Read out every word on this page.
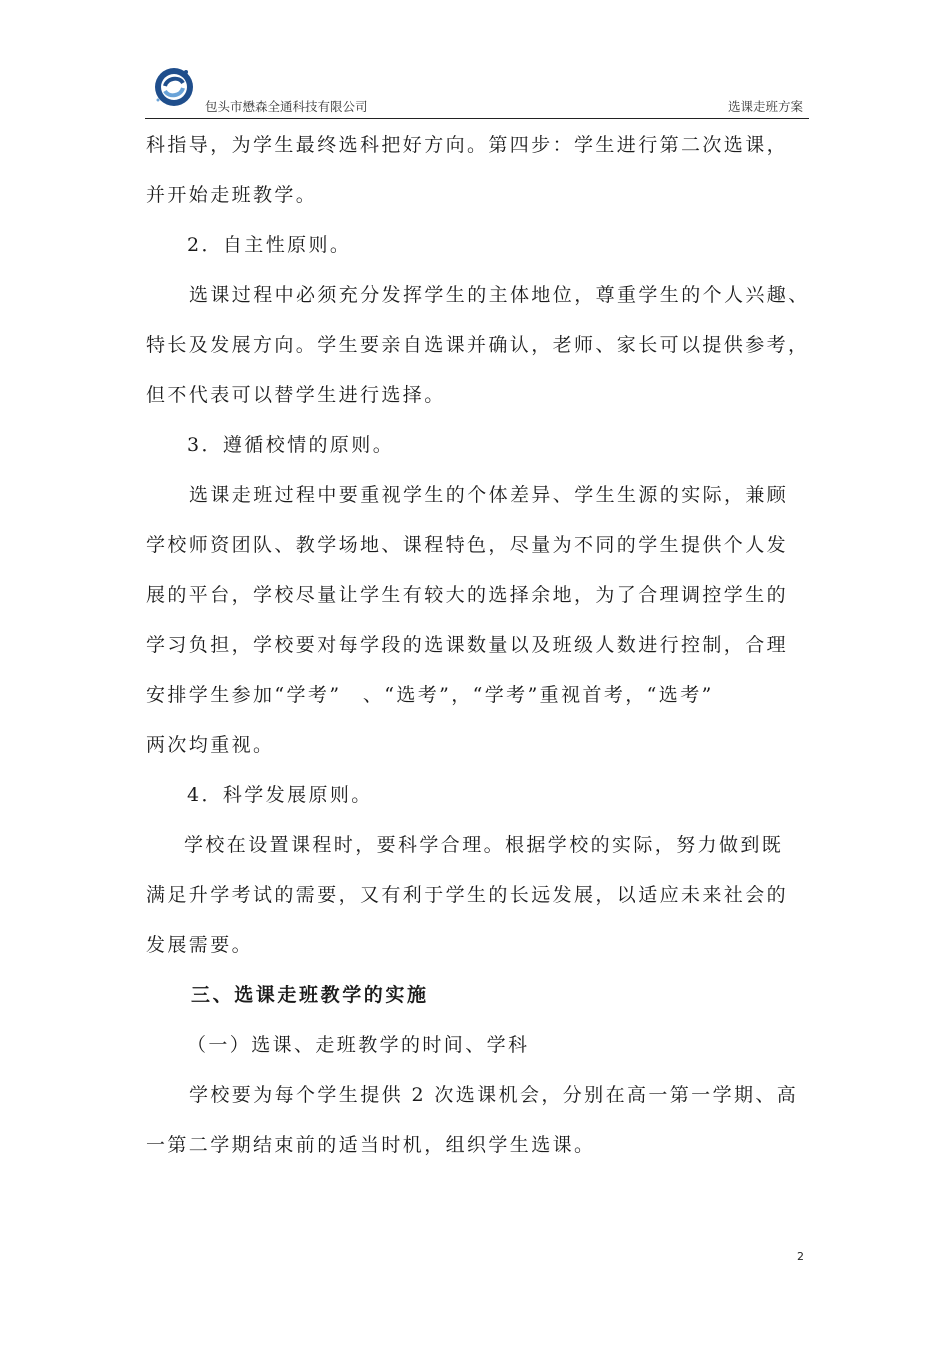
包头市懋森全通科技有限公司	选课走班方案
科指导，为学生最终选科把好方向。第四步：学生进行第二次选课，
并开始走班教学。
2．自主性原则。
选课过程中必须充分发挥学生的主体地位，尊重学生的个人兴趣、
特长及发展方向。学生要亲自选课并确认，老师、家长可以提供参考，
但不代表可以替学生进行选择。
3．遵循校情的原则。
选课走班过程中要重视学生的个体差异、学生生源的实际，兼顾
学校师资团队、教学场地、课程特色，尽量为不同的学生提供个人发
展的平台，学校尽量让学生有较大的选择余地，为了合理调控学生的
学习负担，学校要对每学段的选课数量以及班级人数进行控制，合理
安排学生参加“学考”　、“选考”，“学考”重视首考，“选考”
两次均重视。
4．科学发展原则。
学校在设置课程时，要科学合理。根据学校的实际，努力做到既
满足升学考试的需要，又有利于学生的长远发展，以适应未来社会的
发展需要。
三、选课走班教学的实施
（一）选课、走班教学的时间、学科
学校要为每个学生提供 2 次选课机会，分别在高一第一学期、高
一第二学期结束前的适当时机，组织学生选课。
2
